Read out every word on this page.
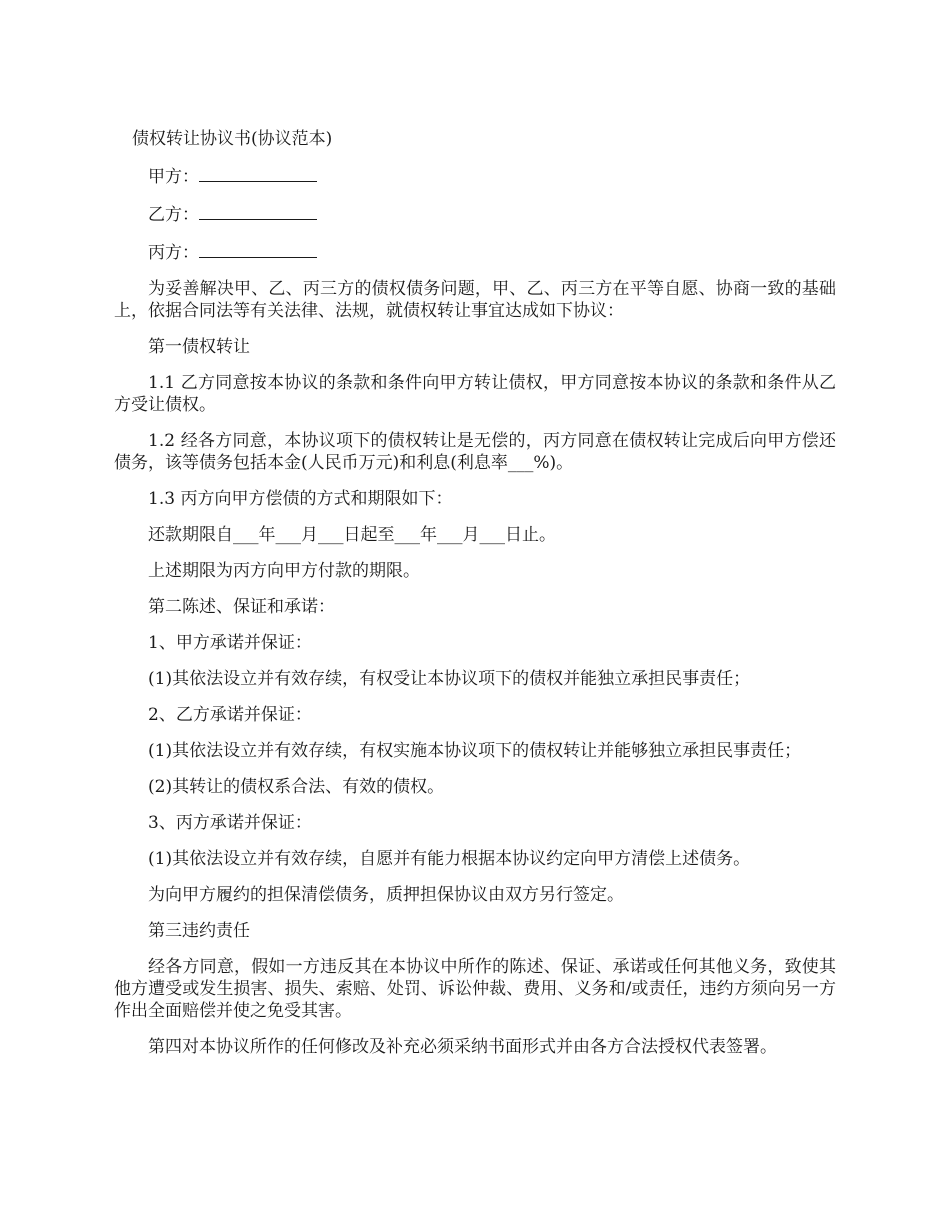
债权转让协议书(协议范本)
甲方：
乙方：
丙方：

为妥善解决甲、乙、丙三方的债权债务问题，甲、乙、丙三方在平等自愿、协商一致的基础上，依据合同法等有关法律、法规，就债权转让事宜达成如下协议：

第一债权转让

1.1 乙方同意按本协议的条款和条件向甲方转让债权，甲方同意按本协议的条款和条件从乙方受让债权。

1.2 经各方同意，本协议项下的债权转让是无偿的，丙方同意在债权转让完成后向甲方偿还债务，该等债务包括本金(人民币万元)和利息(利息率___%)。

1.3 丙方向甲方偿债的方式和期限如下：

还款期限自___年___月___日起至___年___月___日止。

上述期限为丙方向甲方付款的期限。

第二陈述、保证和承诺：

1、甲方承诺并保证：

(1)其依法设立并有效存续，有权受让本协议项下的债权并能独立承担民事责任；

2、乙方承诺并保证：

(1)其依法设立并有效存续，有权实施本协议项下的债权转让并能够独立承担民事责任；

(2)其转让的债权系合法、有效的债权。

3、丙方承诺并保证：

(1)其依法设立并有效存续，自愿并有能力根据本协议约定向甲方清偿上述债务。

为向甲方履约的担保清偿债务，质押担保协议由双方另行签定。

第三违约责任

经各方同意，假如一方违反其在本协议中所作的陈述、保证、承诺或任何其他义务，致使其他方遭受或发生损害、损失、索赔、处罚、诉讼仲裁、费用、义务和/或责任，违约方须向另一方作出全面赔偿并使之免受其害。

第四对本协议所作的任何修改及补充必须采纳书面形式并由各方合法授权代表签署。
